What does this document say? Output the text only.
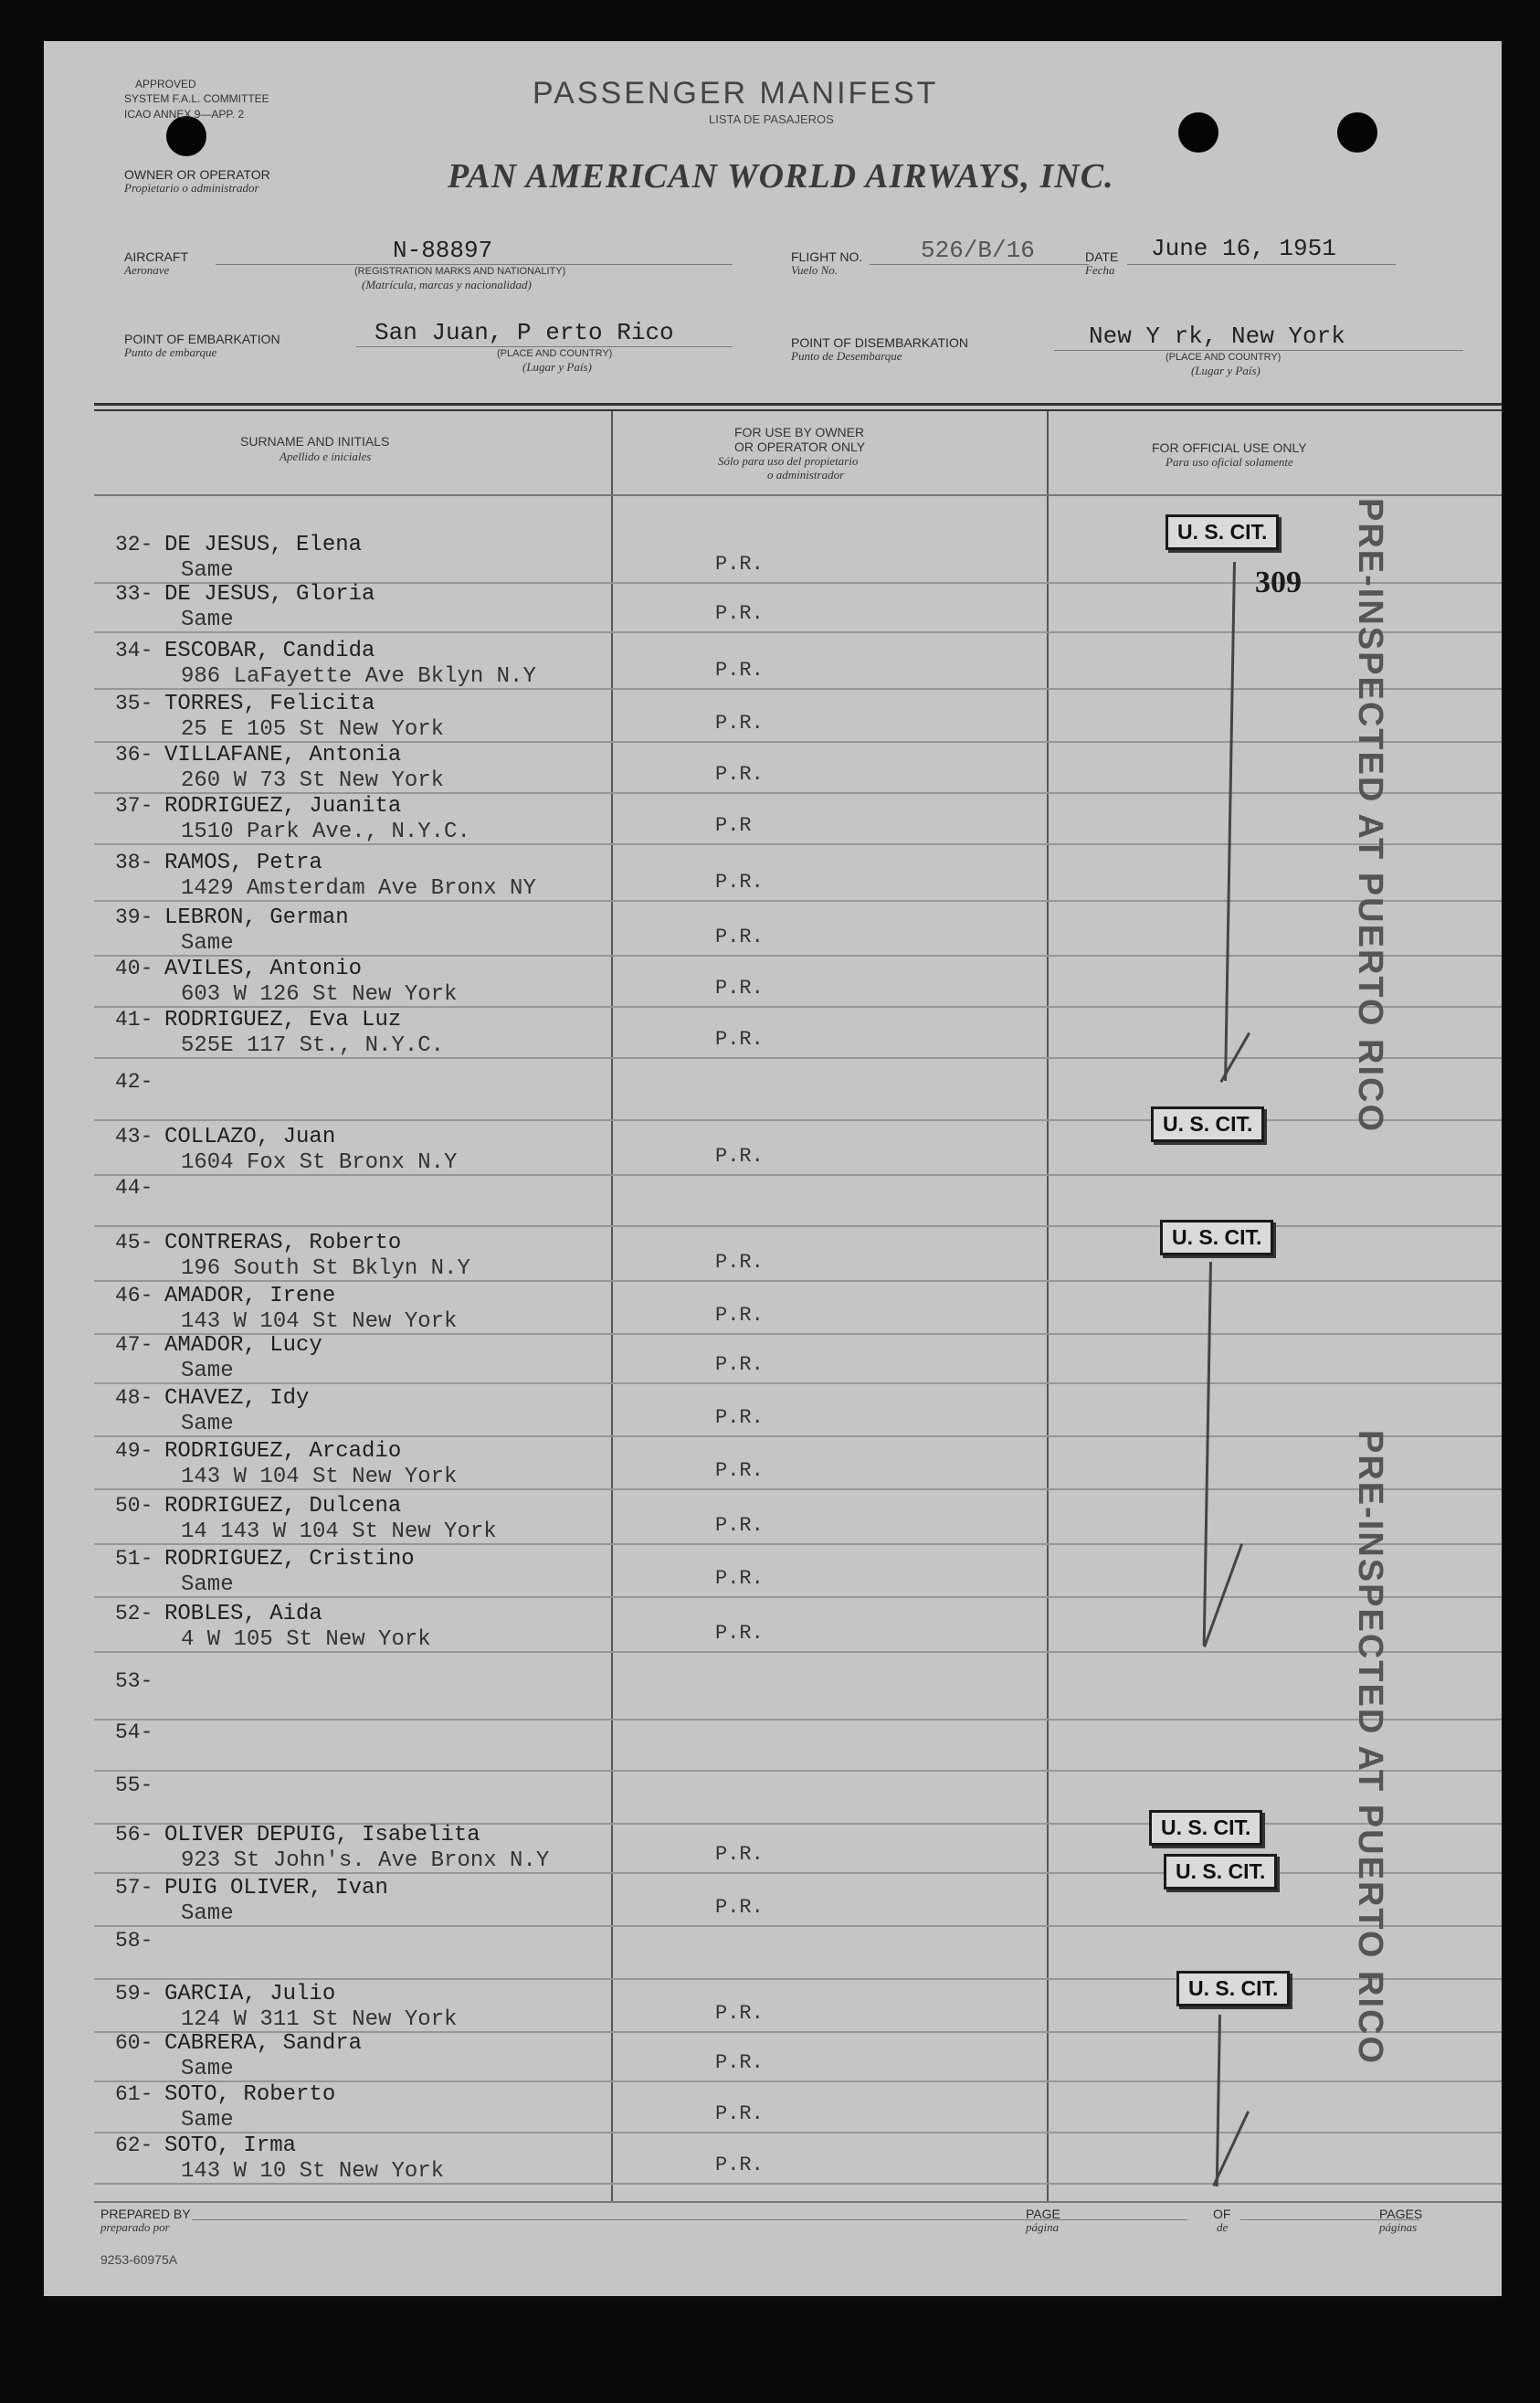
APPROVED
SYSTEM F.A.L. COMMITTEE
ICAO ANNEX 9—APP. 2
PASSENGER MANIFEST
LISTA DE PASAJEROS
OWNER OR OPERATOR
Propietario o administrador	PAN AMERICAN WORLD AIRWAYS, INC.
AIRCRAFT
Aeronave
N-88897
(REGISTRATION MARKS AND NATIONALITY)
(Matrícula, marcas y nacionalidad)
FLIGHT NO.
Vuelo No.
526/B/16	DATE
Fecha
June 16, 1951
POINT OF EMBARKATION
Punto de embarque
San Juan, P erto Rico
(PLACE AND COUNTRY)
(Lugar y País)
POINT OF DISEMBARKATION
Punto de Desembarque
New Y rk, New York
(PLACE AND COUNTRY)
(Lugar y País)
SURNAME AND INITIALS
Apellido e iniciales
FOR USE BY OWNER
OR OPERATOR ONLY
Sólo para uso del propietario
o administrador
FOR OFFICIAL USE ONLY
Para uso oficial solamente
32- DE JESUS, Elena
Same	P.R.
33- DE JESUS, Gloria
Same	P.R.
34- ESCOBAR, Candida
986 LaFayette Ave Bklyn N.Y	P.R.
35- TORRES, Felicita
25 E 105 St New York	P.R.
36- VILLAFANE, Antonia
260 W 73 St New York	P.R.
37- RODRIGUEZ, Juanita
1510 Park Ave., N.Y.C.	P.R
38- RAMOS, Petra
1429 Amsterdam Ave Bronx NY	P.R.
39- LEBRON, German
Same	P.R.
40- AVILES, Antonio
603 W 126 St New York	P.R.
41- RODRIGUEZ, Eva Luz
525E 117 St., N.Y.C.	P.R.
42-
43- COLLAZO, Juan
1604 Fox St Bronx N.Y	P.R.
44-
45- CONTRERAS, Roberto
196 South St Bklyn N.Y	P.R.
46- AMADOR, Irene
143 W 104 St New York	P.R.
47- AMADOR, Lucy
Same	P.R.
48- CHAVEZ, Idy
Same	P.R.
49- RODRIGUEZ, Arcadio
143 W 104 St New York	P.R.
50- RODRIGUEZ, Dulcena
14 143 W 104 St New York	P.R.
51- RODRIGUEZ, Cristino
Same	P.R.
52- ROBLES, Aida
4 W 105 St New York	P.R.
53-
54-
55-
56- OLIVER DEPUIG, Isabelita
923 St John's. Ave Bronx N.Y	P.R.
57- PUIG OLIVER, Ivan
Same	P.R.
58-
59- GARCIA, Julio
124 W 311 St New York	P.R.
60- CABRERA, Sandra
Same	P.R.
61- SOTO, Roberto
Same	P.R.
62- SOTO, Irma
143 W 10 St New York	P.R.
U. S. CIT.
309
U. S. CIT.
U. S. CIT.
U. S. CIT.
U. S. CIT.
U. S. CIT.
PRE-INSPECTED AT PUERTO RICO
PRE-INSPECTED AT PUERTO RICO
PREPARED BY
preparado por
PAGE
página
OF
de
PAGES
páginas
9253-60975A
